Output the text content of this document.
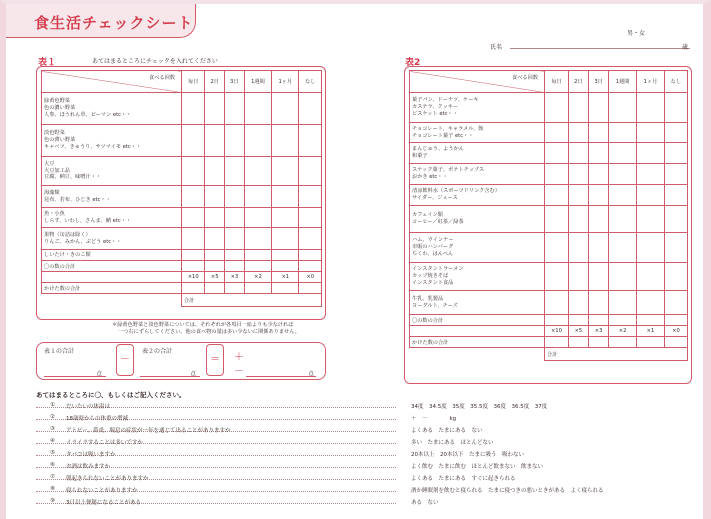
食生活チェックシート
氏名
男・女
歳
表１	あてはまるところにチェックを入れてください
食べる回数	毎日	2日	3日	1週間	1ヶ月	なし

緑黄色野菜
色の濃い野菜
人参、ほうれん草、ピーマン etc・・						

淡色野菜
色の薄い野菜
キャベツ、きゅうり、サツマイモ etc・・						

大豆
大豆加工品
豆腐、納豆、味噌汁・・						

海藻類
昆布、若布、ひじき etc・・						

魚・小魚
しらす、いわし、さんま、鯖 etc・・						

果物（缶詰は除く）
りんご、みかん、ぶどう etc・・						

しいたけ・きのこ類						

〇の数の合計						
	×10	×5	×3	×2	×1	×0
かけた数の合計						
	合計					
＊緑黄色野菜と淡色野菜については、それぞれが各項目一皿よりも少なければ
一つ右にずらしてください。他の食べ物の量は多い少ないに関係ありません。
表１の合計
点
－
表２の合計
点
＝	＋
－	点
表2
食べる回数	毎日	2日	3日	1週間	1ヶ月	なし

菓子パン、ドーナツ、ケーキ
カステラ、クッキー
ビスケット etc・・						

チョコレート、キャラメル、飴
チョコレート菓子 etc・・						

まんじゅう、ようかん
和菓子						

スナック菓子、ポテトチップス
おかき etc・・						

清涼飲料水（スポーツドリンク含む）
サイダー、ジュース						

カフェイン類
コーヒー／紅茶／緑茶						

ハム、ウインナー
市販のハンバーグ
ちくわ、はんぺん						

インスタントラーメン
カップ焼きそば
インスタント食品						

牛乳、乳製品
ヨーグルト、チーズ						

〇の数の合計						
	×10	×5	×3	×2	×1	×0
かけた数の合計						
	合計					
あてはまるところに〇、もしくはご記入ください。
① だいたいの体温は	34度　34.5度　35度　35.5度　36度　36.5度　37度
② 18歳時からの体重の増減	＋　－　　　　kg
③ アトピー、鼻炎、喘息の症状が一年を通じて出ることがありますか	よくある　たまにある　ない
④ イライラすることは多いですか	多い　たまにある　ほとんどない
⑤ タバコは吸いますか	20本以上　20本以下　たまに吸う　吸わない
⑥ お酒は飲みますか	よく飲む　たまに飲む　ほとんど飲まない　飲まない
⑦ 朝起きられないことがありますか	よくある　たまにある　すぐに起きられる
⑧ 寝られないことがありますか	酒か睡眠剤を飲むと寝られる　たまに寝つきの悪いときがある　よく寝られる
⑨ 3日以上便秘になることがある	ある　ない
